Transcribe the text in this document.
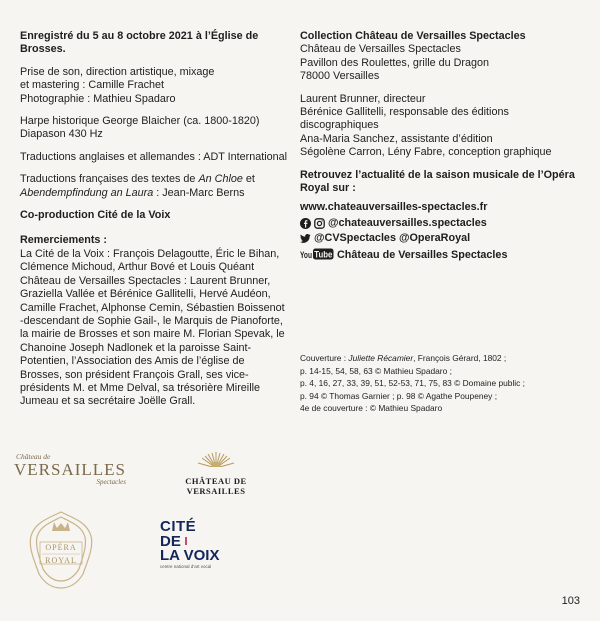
Enregistré du 5 au 8 octobre 2021 à l’Église de Brosses.

Prise de son, direction artistique, mixage

et mastering : Camille Frachet

Photographie : Mathieu Spadaro

Harpe historique George Blaicher (ca. 1800-1820)

Diapason 430 Hz

Traductions anglaises et allemandes : ADT International

Traductions françaises des textes de An Chloe et Abendempfindung an Laura : Jean-Marc Berns

Co-production Cité de la Voix

Remerciements :

La Cité de la Voix : François Delagoutte, Éric le Bihan, Clémence Michoud, Arthur Bové et Louis Quéant Château de Versailles Spectacles : Laurent Brunner, Graziella Vallée et Bérénice Gallitelli, Hervé Audéon, Camille Frachet, Alphonse Cemin, Sébastien Boissenot -descendant de Sophie Gail-, le Marquis de Pianoforte, la mairie de Brosses et son maire M. Florian Spevak, le Chanoine Joseph Nadlonek et la paroisse Saint-Potentien, l’Association des Amis de l’église de Brosses, son président François Grall, ses vice-présidents M. et Mme Delval, sa trésorière Mireille Jumeau et sa secrétaire Joëlle Grall.

Collection Château de Versailles Spectacles

Château de Versailles Spectacles

Pavillon des Roulettes, grille du Dragon

78000 Versailles

Laurent Brunner, directeur

Bérénice Gallitelli, responsable des éditions discographiques

Ana-Maria Sanchez, assistante d’édition

Ségolène Carron, Lény Fabre, conception graphique

Retrouvez l’actualité de la saison musicale de l’Opéra Royal sur :

www.chateauversailles-spectacles.fr

@chateauversailles.spectacles
@CVSpectacles @OperaRoyal
You Tube Château de Versailles Spectacles

Couverture : Juliette Récamier, François Gérard, 1802 ;

p. 14-15, 54, 58, 63 © Mathieu Spadaro ;

p. 4, 16, 27, 33, 39, 51, 52-53, 71, 75, 83 © Domaine public ;

p. 94 © Thomas Garnier ; p. 98 © Agathe Poupeney ;

4e de couverture : © Mathieu Spadaro

Château de
VERSAILLES
Spectacles	CHÂTEAU DE VERSAILLES
OPÉRA
ROYAL
CITÉ
DE
LA VOIX
centre national d’art vocal
103
